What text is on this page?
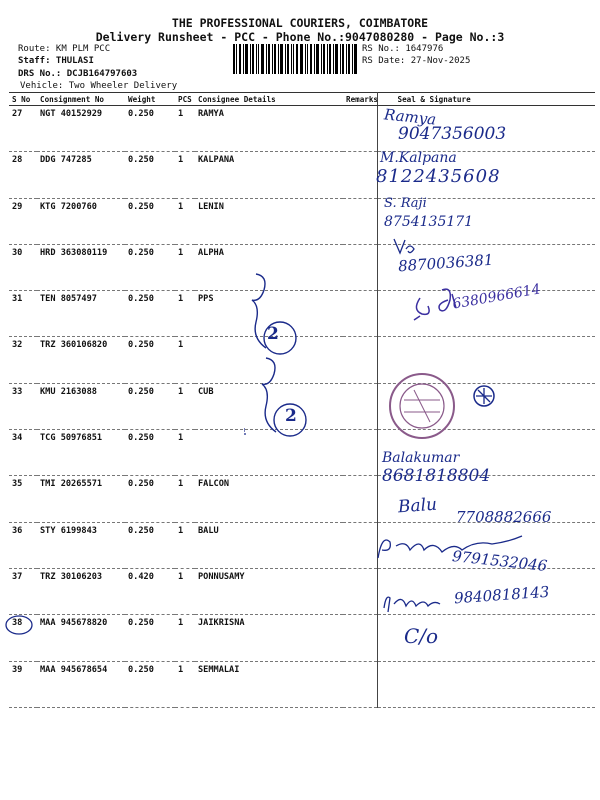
THE PROFESSIONAL COURIERS, COIMBATORE
Delivery Runsheet - PCC - Phone No.:9047080280 - Page No.:3
Route: KM PLM PCC
Staff: THULASI
DRS No.: DCJB164797603
Vehicle: Two Wheeler Delivery
RS No.: 1647976
RS Date: 27-Nov-2025
S No	Consignment No	Weight	PCS	Consignee Details	Remarks	Seal & Signature
27	NGT 40152929	0.250	1	RAMYA		
28	DDG 747285	0.250	1	KALPANA		
29	KTG 7200760	0.250	1	LENIN		
30	HRD 363080119	0.250	1	ALPHA		
31	TEN 8057497	0.250	1	PPS		
32	TRZ 360106820	0.250	1			
33	KMU 2163088	0.250	1	CUB		
34	TCG 50976851	0.250	1			
35	TMI 20265571	0.250	1	FALCON		
36	STY 6199843	0.250	1	BALU		
37	TRZ 30106203	0.420	1	PONNUSAMY		
38	MAA 945678820	0.250	1	JAIKRISNA		
39	MAA 945678654	0.250	1	SEMMALAI		
Ramya
9047356003
M.Kalpana
8122435608
S. Raji
8754135171
8870036381
6380966614
2
2
Balakumar
8681818804
Balu 7708882666
9791532046
9840818143
C/o
